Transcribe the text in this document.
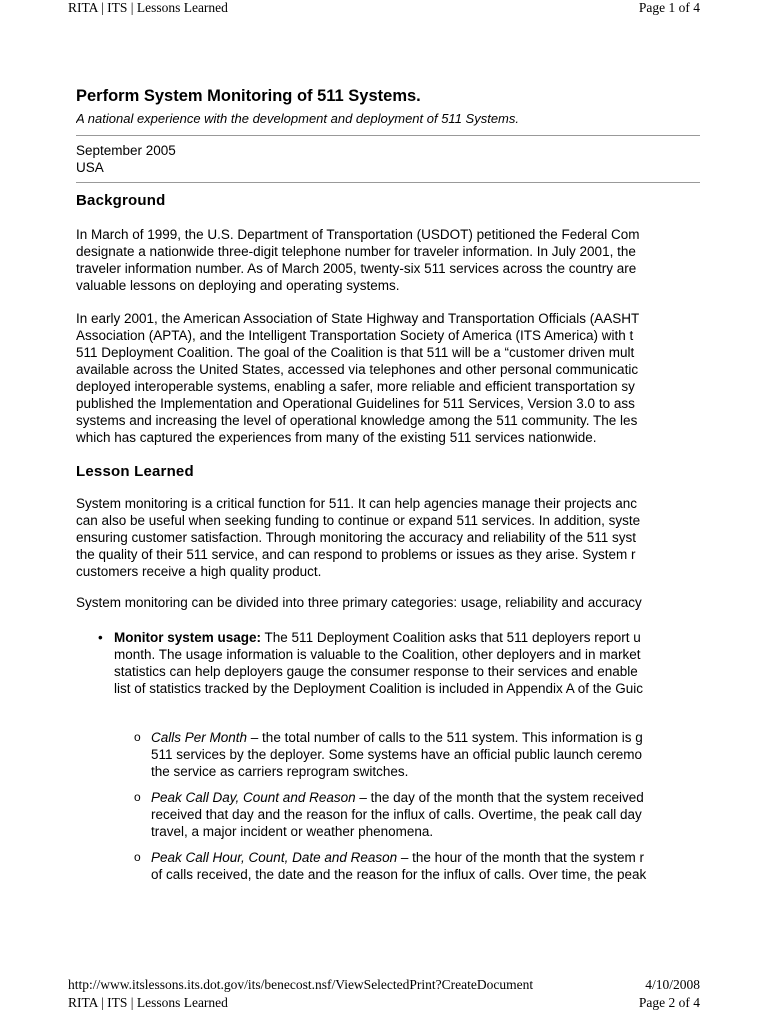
RITA | ITS | Lessons Learned	Page 1 of 4

Perform System Monitoring of 511 Systems.

A national experience with the development and deployment of 511 Systems.

September 2005
USA

Background

In March of 1999, the U.S. Department of Transportation (USDOT) petitioned the Federal Com
designate a nationwide three-digit telephone number for traveler information. In July 2001, the
traveler information number. As of March 2005, twenty-six 511 services across the country are
valuable lessons on deploying and operating systems.
In early 2001, the American Association of State Highway and Transportation Officials (AASHT
Association (APTA), and the Intelligent Transportation Society of America (ITS America) with t
511 Deployment Coalition. The goal of the Coalition is that 511 will be a “customer driven mult
available across the United States, accessed via telephones and other personal communicatic
deployed interoperable systems, enabling a safer, more reliable and efficient transportation sy
published the Implementation and Operational Guidelines for 511 Services, Version 3.0 to ass
systems and increasing the level of operational knowledge among the 511 community. The les
which has captured the experiences from many of the existing 511 services nationwide.

Lesson Learned

System monitoring is a critical function for 511. It can help agencies manage their projects anc
can also be useful when seeking funding to continue or expand 511 services. In addition, syste
ensuring customer satisfaction. Through monitoring the accuracy and reliability of the 511 syst
the quality of their 511 service, and can respond to problems or issues as they arise. System r
customers receive a high quality product.
System monitoring can be divided into three primary categories: usage, reliability and accuracy
• Monitor system usage: The 511 Deployment Coalition asks that 511 deployers report u
month. The usage information is valuable to the Coalition, other deployers and in market
statistics can help deployers gauge the consumer response to their services and enable
list of statistics tracked by the Deployment Coalition is included in Appendix A of the Guic
o Calls Per Month – the total number of calls to the 511 system. This information is g
511 services by the deployer. Some systems have an official public launch ceremo
the service as carriers reprogram switches.
o Peak Call Day, Count and Reason – the day of the month that the system received
received that day and the reason for the influx of calls. Overtime, the peak call day
travel, a major incident or weather phenomena.
o Peak Call Hour, Count, Date and Reason – the hour of the month that the system r
of calls received, the date and the reason for the influx of calls. Over time, the peak
http://www.itslessons.its.dot.gov/its/benecost.nsf/ViewSelectedPrint?CreateDocument	4/10/2008
RITA | ITS | Lessons Learned	Page 2 of 4
